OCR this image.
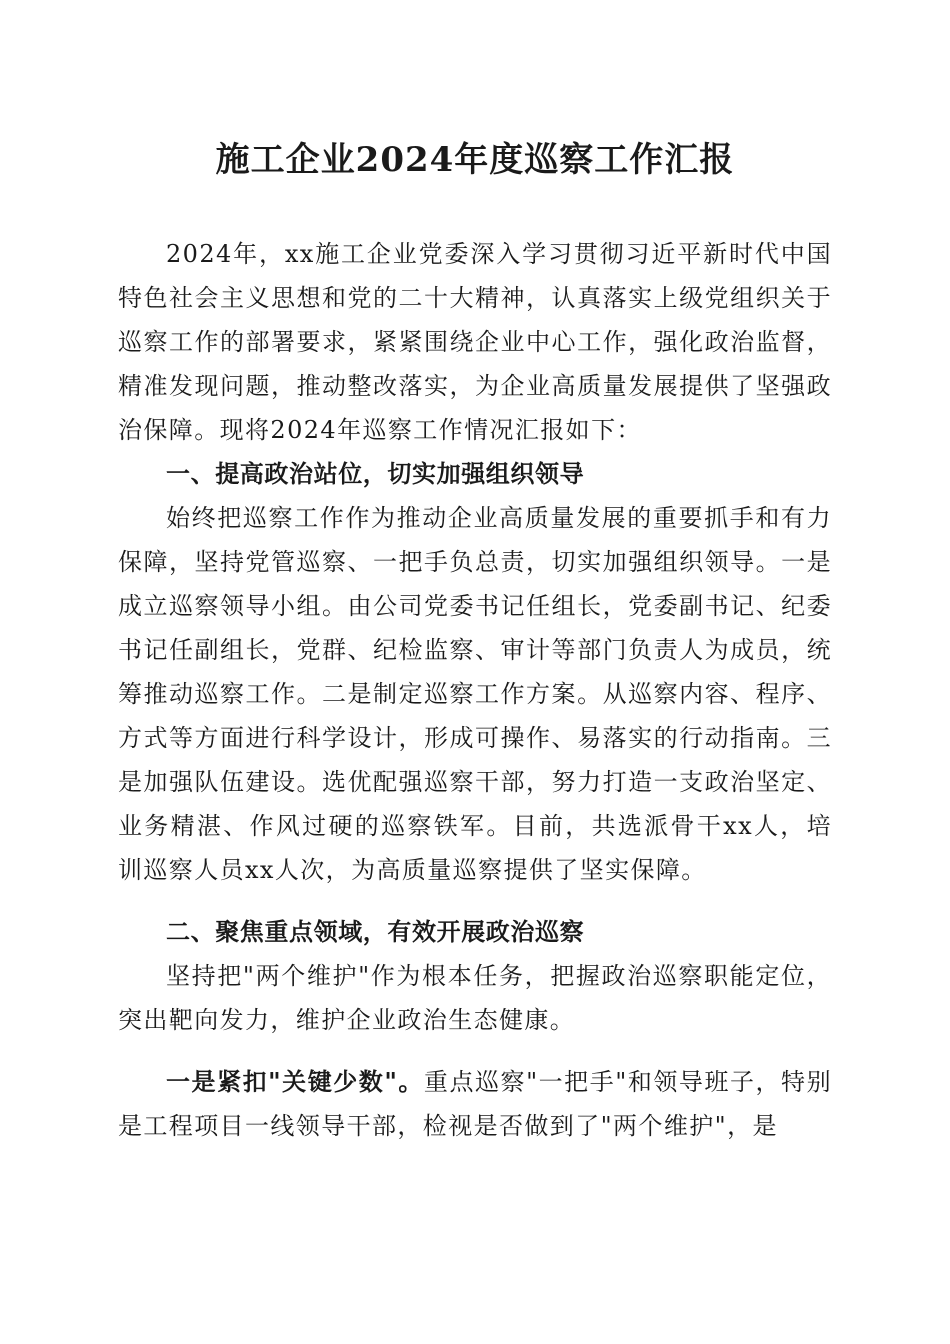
施工企业2024年度巡察工作汇报

2024年，xx施工企业党委深入学习贯彻习近平新时代中国特色社会主义思想和党的二十大精神，认真落实上级党组织关于巡察工作的部署要求，紧紧围绕企业中心工作，强化政治监督，精准发现问题，推动整改落实，为企业高质量发展提供了坚强政治保障。现将2024年巡察工作情况汇报如下：

一、提高政治站位，切实加强组织领导

始终把巡察工作作为推动企业高质量发展的重要抓手和有力保障，坚持党管巡察、一把手负总责，切实加强组织领导。一是成立巡察领导小组。由公司党委书记任组长，党委副书记、纪委书记任副组长，党群、纪检监察、审计等部门负责人为成员，统筹推动巡察工作。二是制定巡察工作方案。从巡察内容、程序、方式等方面进行科学设计，形成可操作、易落实的行动指南。三是加强队伍建设。选优配强巡察干部，努力打造一支政治坚定、业务精湛、作风过硬的巡察铁军。目前，共选派骨干xx人，培训巡察人员xx人次，为高质量巡察提供了坚实保障。

二、聚焦重点领域，有效开展政治巡察

坚持把"两个维护"作为根本任务，把握政治巡察职能定位，突出靶向发力，维护企业政治生态健康。

一是紧扣"关键少数"。重点巡察"一把手"和领导班子，特别是工程项目一线领导干部，检视是否做到了"两个维护"，是
